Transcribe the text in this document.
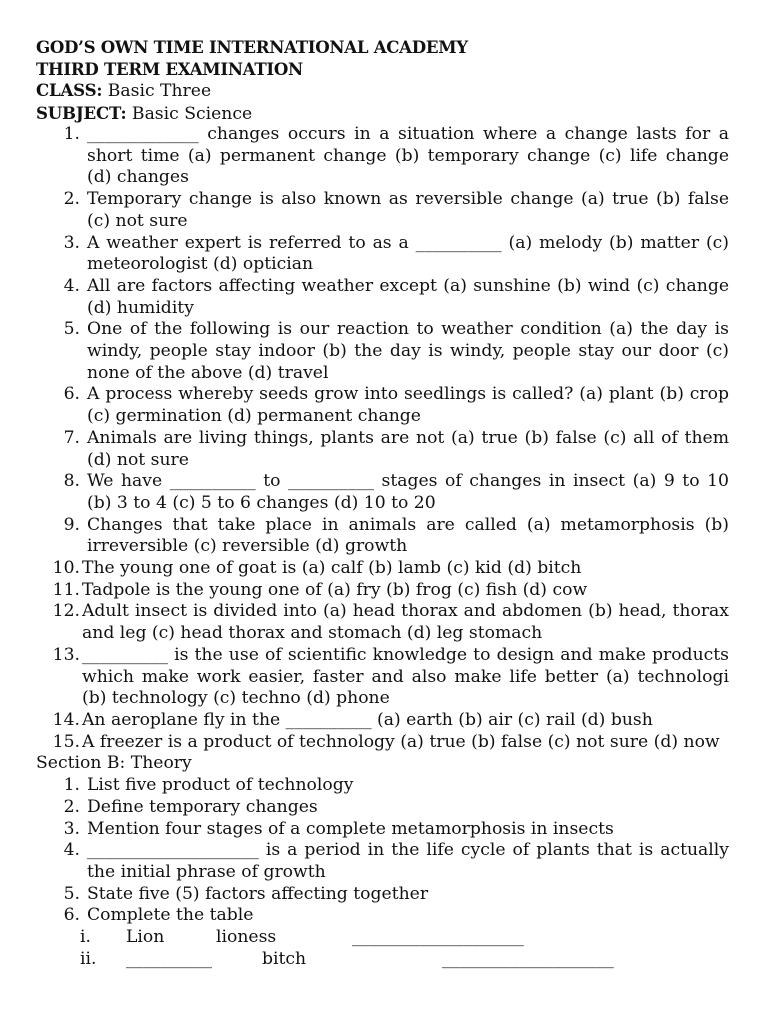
GOD’S OWN TIME INTERNATIONAL ACADEMY
THIRD TERM EXAMINATION
CLASS: Basic Three
SUBJECT: Basic Science
1. _____________ changes occurs in a situation where a change lasts for a short time (a) permanent change (b) temporary change (c) life change (d) changes
2. Temporary change is also known as reversible change (a) true (b) false (c) not sure
3. A weather expert is referred to as a __________ (a) melody (b) matter (c) meteorologist (d) optician
4. All are factors affecting weather except (a) sunshine (b) wind (c) change (d) humidity
5. One of the following is our reaction to weather condition (a) the day is windy, people stay indoor (b) the day is windy, people stay our door (c) none of the above (d) travel
6. A process whereby seeds grow into seedlings is called? (a) plant (b) crop (c) germination (d) permanent change
7. Animals are living things, plants are not (a) true (b) false (c) all of them (d) not sure
8. We have __________ to __________ stages of changes in insect (a) 9 to 10 (b) 3 to 4 (c) 5 to 6 changes (d) 10 to 20
9. Changes that take place in animals are called (a) metamorphosis (b) irreversible (c) reversible (d) growth
10. The young one of goat is (a) calf (b) lamb (c) kid (d) bitch
11. Tadpole is the young one of (a) fry (b) frog (c) fish (d) cow
12. Adult insect is divided into (a) head thorax and abdomen (b) head, thorax and leg (c) head thorax and stomach (d) leg stomach
13. __________ is the use of scientific knowledge to design and make products which make work easier, faster and also make life better (a) technologi (b) technology (c) techno (d) phone
14. An aeroplane fly in the __________ (a) earth (b) air (c) rail (d) bush
15. A freezer is a product of technology (a) true (b) false (c) not sure (d) now
Section B: Theory
1. List five product of technology
2. Define temporary changes
3. Mention four stages of a complete metamorphosis in insects
4. ____________________ is a period in the life cycle of plants that is actually the initial phrase of growth
5. State five (5) factors affecting together
6. Complete the table
i.	Lion	lioness	____________________
ii.	__________	bitch	____________________
